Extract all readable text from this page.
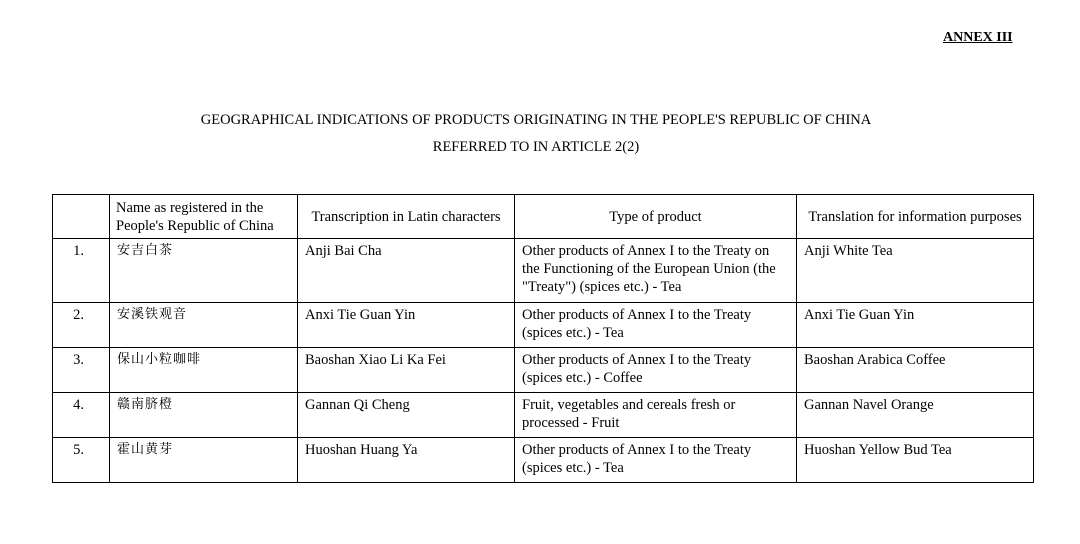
ANNEX III
GEOGRAPHICAL INDICATIONS OF PRODUCTS ORIGINATING IN THE PEOPLE'S REPUBLIC OF CHINA
REFERRED TO IN ARTICLE 2(2)
	Name as registered in the People's Republic of China	Transcription in Latin characters	Type of product	Translation for information purposes
1.	安吉白茶	Anji Bai Cha	Other products of Annex I to the Treaty on the Functioning of the European Union (the "Treaty") (spices etc.) - Tea	Anji White Tea
2.	安溪铁观音	Anxi Tie Guan Yin	Other products of Annex I to the Treaty (spices etc.) - Tea	Anxi Tie Guan Yin
3.	保山小粒咖啡	Baoshan Xiao Li Ka Fei	Other products of Annex I to the Treaty (spices etc.) - Coffee	Baoshan Arabica Coffee
4.	赣南脐橙	Gannan Qi Cheng	Fruit, vegetables and cereals fresh or processed - Fruit	Gannan Navel Orange
5.	霍山黄芽	Huoshan Huang Ya	Other products of Annex I to the Treaty (spices etc.) - Tea	Huoshan Yellow Bud Tea
